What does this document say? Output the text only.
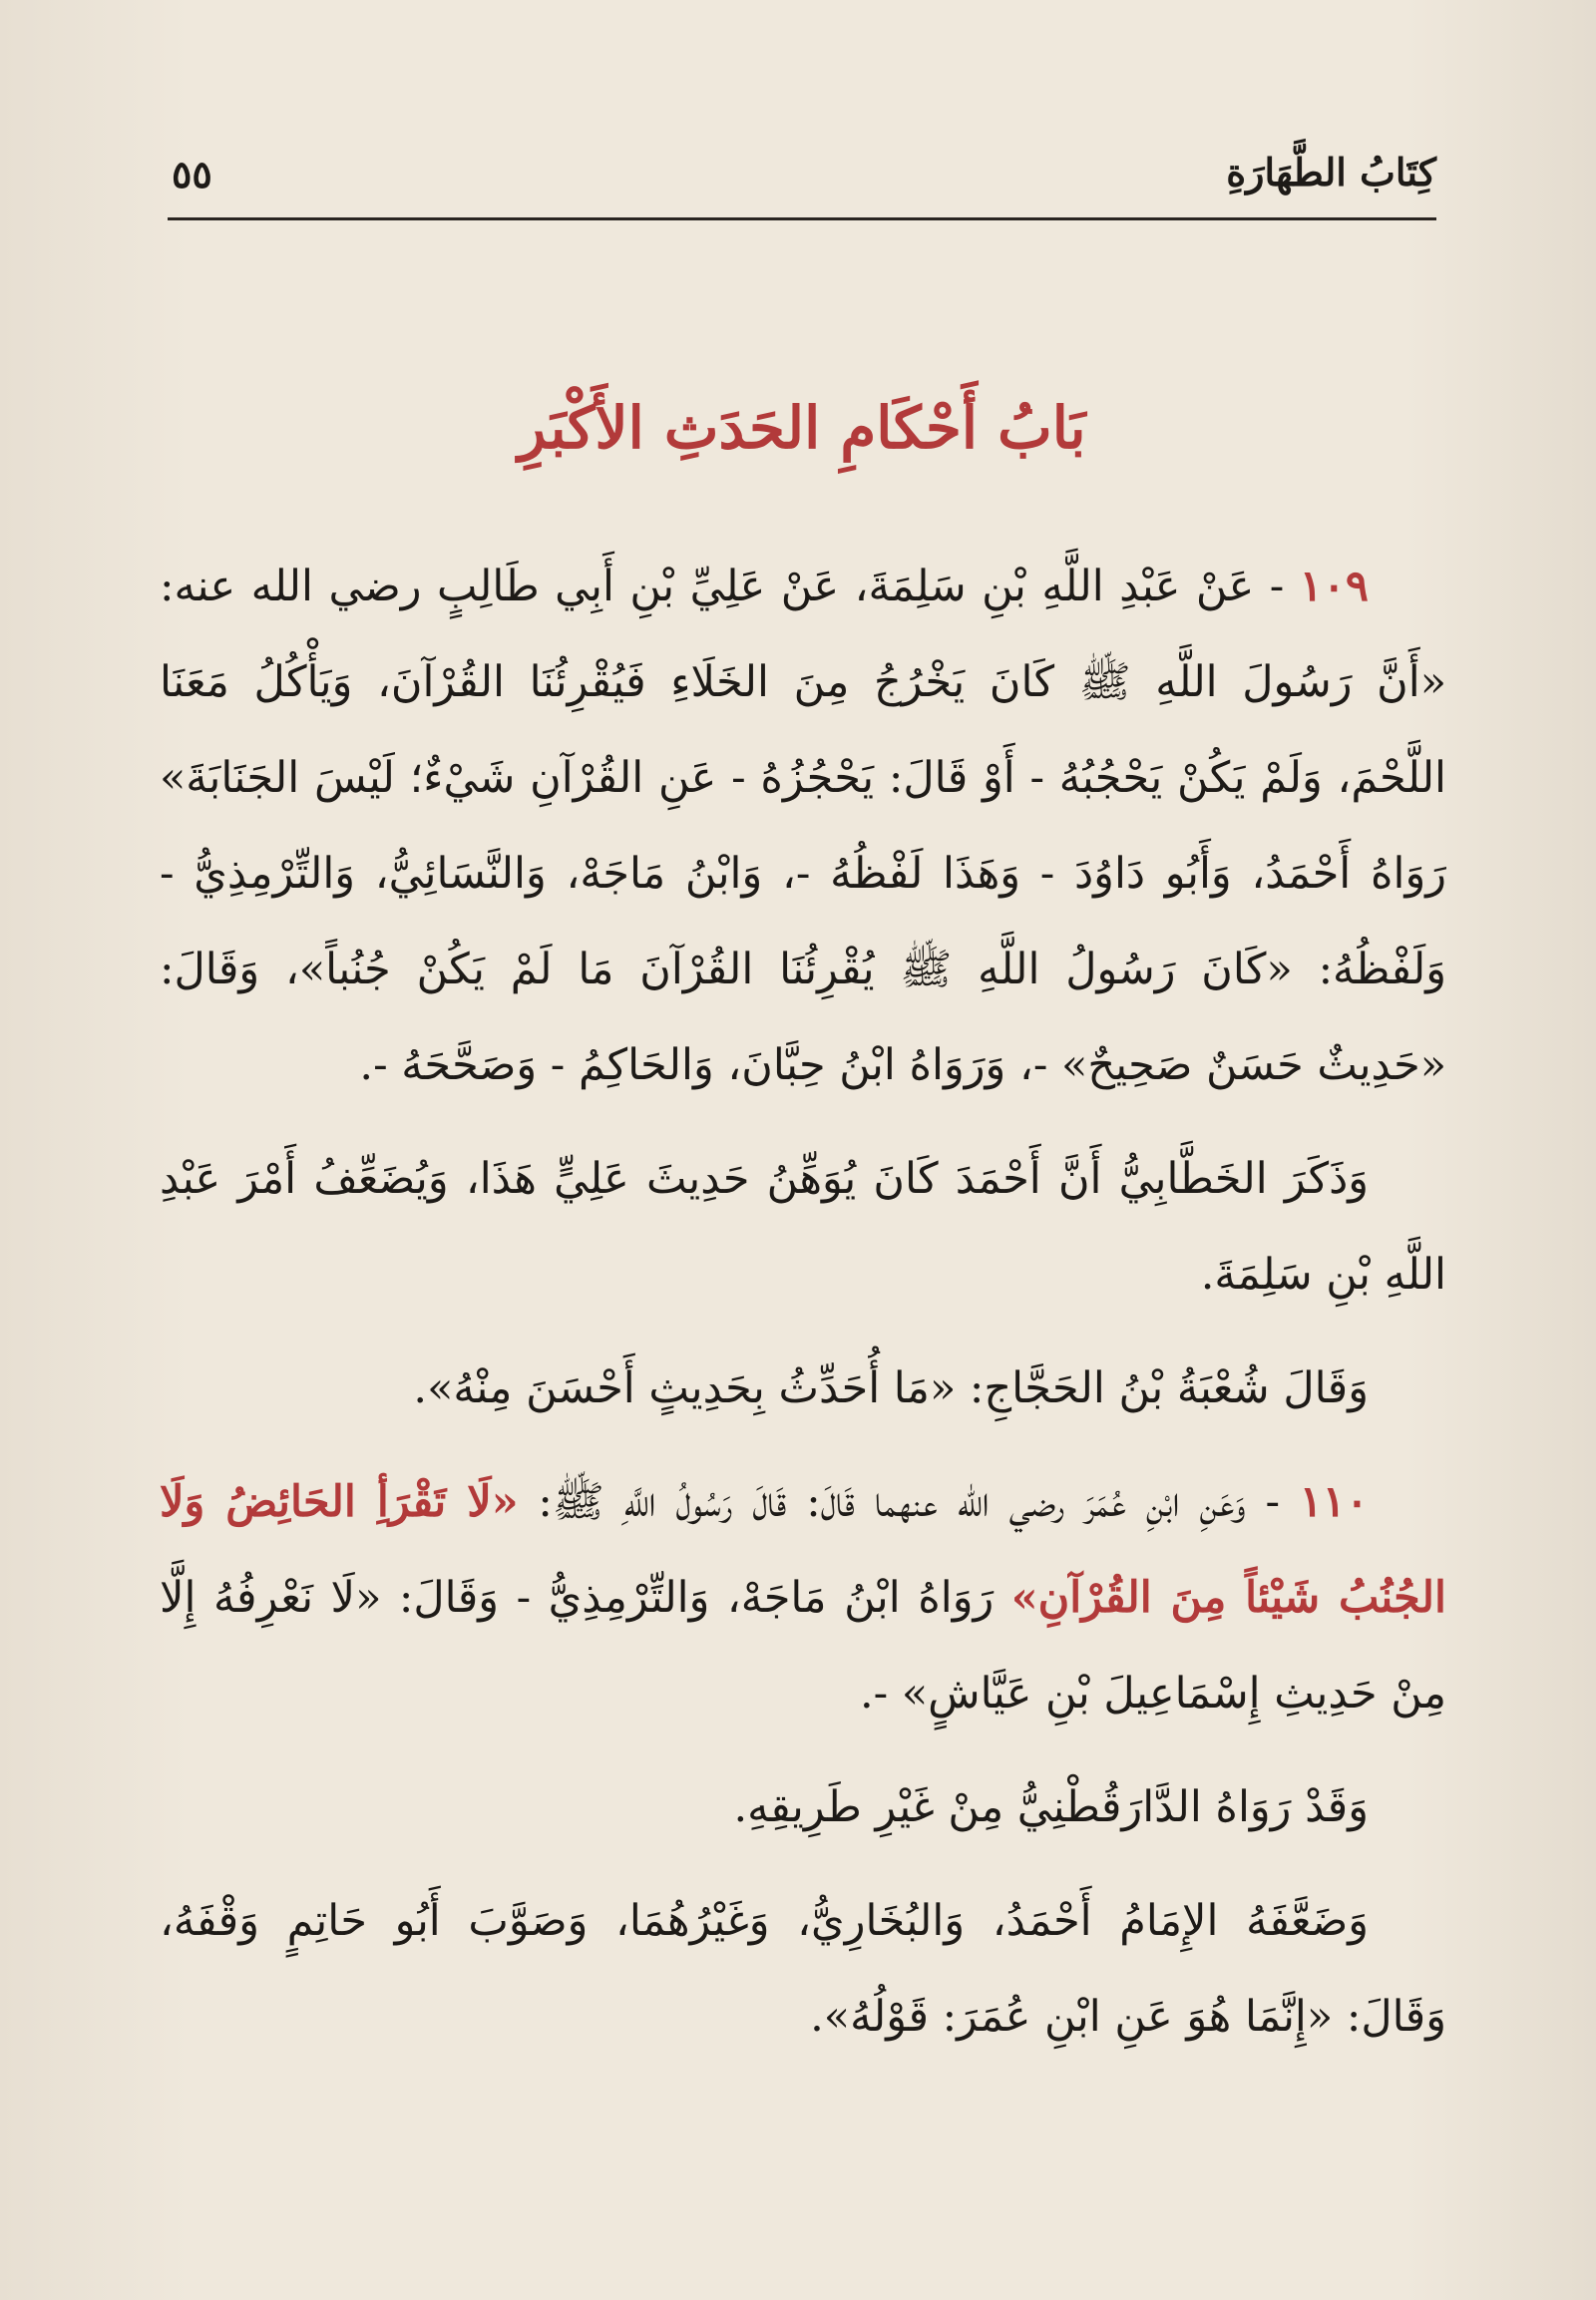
٥٥	كِتَابُ الطَّهَارَةِ
بَابُ أَحْكَامِ الحَدَثِ الأَكْبَرِ

١٠٩ - عَنْ عَبْدِ اللَّهِ بْنِ سَلِمَةَ، عَنْ عَلِيِّ بْنِ أَبِي طَالِبٍ رضي الله عنه: «أَنَّ رَسُولَ اللَّهِ ﷺ كَانَ يَخْرُجُ مِنَ الخَلَاءِ فَيُقْرِئُنَا القُرْآنَ، وَيَأْكُلُ مَعَنَا اللَّحْمَ، وَلَمْ يَكُنْ يَحْجُبُهُ - أَوْ قَالَ: يَحْجُزُهُ - عَنِ القُرْآنِ شَيْءٌ؛ لَيْسَ الجَنَابَةَ» رَوَاهُ أَحْمَدُ، وَأَبُو دَاوُدَ - وَهَذَا لَفْظُهُ -، وَابْنُ مَاجَهْ، وَالنَّسَائِيُّ، وَالتِّرْمِذِيُّ - وَلَفْظُهُ: «كَانَ رَسُولُ اللَّهِ ﷺ يُقْرِئُنَا القُرْآنَ مَا لَمْ يَكُنْ جُنُباً»، وَقَالَ: «حَدِيثٌ حَسَنٌ صَحِيحٌ» -، وَرَوَاهُ ابْنُ حِبَّانَ، وَالحَاكِمُ - وَصَحَّحَهُ -.

وَذَكَرَ الخَطَّابِيُّ أَنَّ أَحْمَدَ كَانَ يُوَهِّنُ حَدِيثَ عَلِيٍّ هَذَا، وَيُضَعِّفُ أَمْرَ عَبْدِ اللَّهِ بْنِ سَلِمَةَ.

وَقَالَ شُعْبَةُ بْنُ الحَجَّاجِ: «مَا أُحَدِّثُ بِحَدِيثٍ أَحْسَنَ مِنْهُ».

١١٠ - وَعَنِ ابْنِ عُمَرَ رضي الله عنهما قَالَ: قَالَ رَسُولُ اللَّهِ ﷺ: «لَا تَقْرَأِ الحَائِضُ وَلَا الجُنُبُ شَيْئاً مِنَ القُرْآنِ» رَوَاهُ ابْنُ مَاجَهْ، وَالتِّرْمِذِيُّ - وَقَالَ: «لَا نَعْرِفُهُ إِلَّا مِنْ حَدِيثِ إِسْمَاعِيلَ بْنِ عَيَّاشٍ» -.

وَقَدْ رَوَاهُ الدَّارَقُطْنِيُّ مِنْ غَيْرِ طَرِيقِهِ.

وَضَعَّفَهُ الإِمَامُ أَحْمَدُ، وَالبُخَارِيُّ، وَغَيْرُهُمَا، وَصَوَّبَ أَبُو حَاتِمٍ وَقْفَهُ، وَقَالَ: «إِنَّمَا هُوَ عَنِ ابْنِ عُمَرَ: قَوْلُهُ».
